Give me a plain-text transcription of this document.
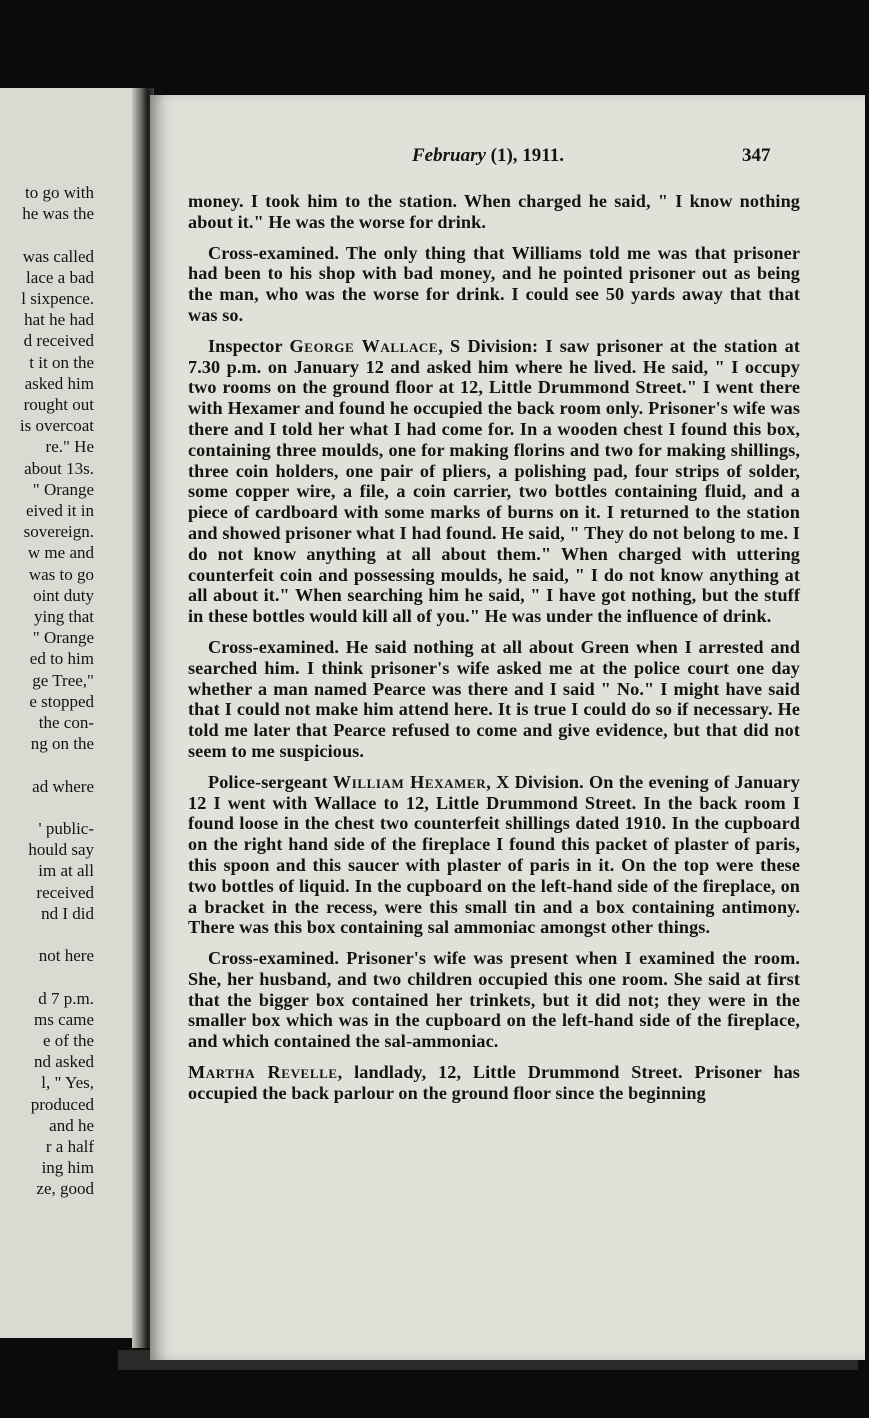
to go with
he was the
was called
lace a bad
l sixpence.
hat he had
d received
t it on the
asked him
rought out
is overcoat
re." He
about 13s.
" Orange
eived it in
sovereign.
w me and
was to go
oint duty
ying that
" Orange
ed to him
ge Tree,"
e stopped
the con-
ng on the
ad where
' public-
hould say
im at all
received
nd I did
not here
d 7 p.m.
ms came
e of the
nd asked
l, " Yes,
produced
and he
r a half
ing him
ze, good
February (1), 1911.	347

money. I took him to the station. When charged he said, " I know nothing about it." He was the worse for drink.

Cross-examined. The only thing that Williams told me was that prisoner had been to his shop with bad money, and he pointed prisoner out as being the man, who was the worse for drink. I could see 50 yards away that that was so.

Inspector George Wallace, S Division: I saw prisoner at the station at 7.30 p.m. on January 12 and asked him where he lived. He said, " I occupy two rooms on the ground floor at 12, Little Drummond Street." I went there with Hexamer and found he occupied the back room only. Prisoner's wife was there and I told her what I had come for. In a wooden chest I found this box, containing three moulds, one for making florins and two for making shillings, three coin holders, one pair of pliers, a polishing pad, four strips of solder, some copper wire, a file, a coin carrier, two bottles containing fluid, and a piece of cardboard with some marks of burns on it. I returned to the station and showed prisoner what I had found. He said, " They do not belong to me. I do not know anything at all about them." When charged with uttering counterfeit coin and possessing moulds, he said, " I do not know anything at all about it." When searching him he said, " I have got nothing, but the stuff in these bottles would kill all of you." He was under the influence of drink.

Cross-examined. He said nothing at all about Green when I arrested and searched him. I think prisoner's wife asked me at the police court one day whether a man named Pearce was there and I said " No." I might have said that I could not make him attend here. It is true I could do so if necessary. He told me later that Pearce refused to come and give evidence, but that did not seem to me suspicious.

Police-sergeant William Hexamer, X Division. On the evening of January 12 I went with Wallace to 12, Little Drummond Street. In the back room I found loose in the chest two counterfeit shillings dated 1910. In the cupboard on the right hand side of the fireplace I found this packet of plaster of paris, this spoon and this saucer with plaster of paris in it. On the top were these two bottles of liquid. In the cupboard on the left-hand side of the fireplace, on a bracket in the recess, were this small tin and a box containing antimony. There was this box containing sal ammoniac amongst other things.

Cross-examined. Prisoner's wife was present when I examined the room. She, her husband, and two children occupied this one room. She said at first that the bigger box contained her trinkets, but it did not; they were in the smaller box which was in the cupboard on the left-hand side of the fireplace, and which contained the sal-ammoniac.

Martha Revelle, landlady, 12, Little Drummond Street. Prisoner has occupied the back parlour on the ground floor since the beginning
